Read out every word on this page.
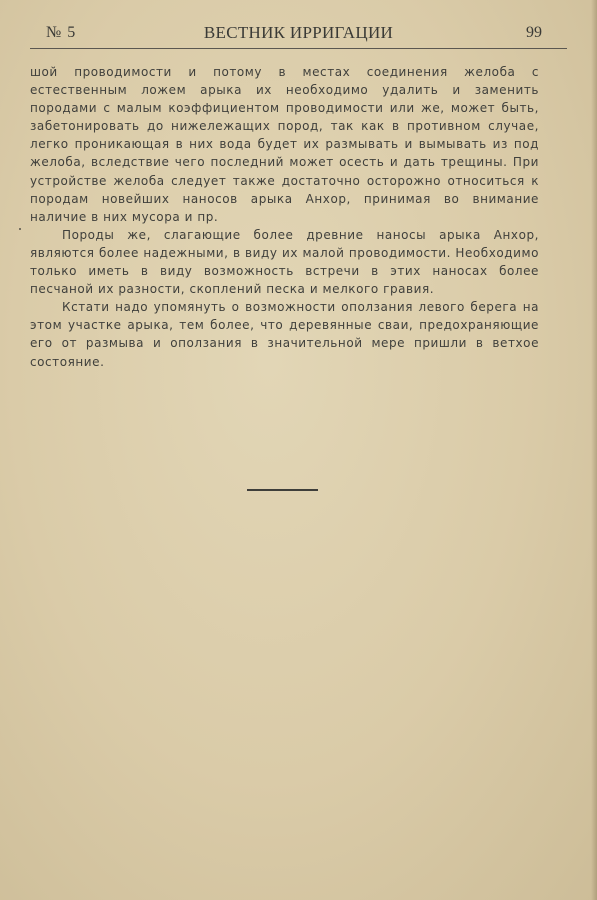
№ 5	ВЕСТНИК ИРРИГАЦИИ	99

шой проводимости и потому в местах соединения желоба с естественным ложем арыка их необходимо удалить и заменить породами с малым коэффициентом проводимости или же, может быть, забетонировать до нижележащих пород, так как в противном случае, легко проникающая в них вода будет их размывать и вымывать из под желоба, вследствие чего последний может осесть и дать трещины. При устройстве желоба следует также достаточно осторожно относиться к породам новейших наносов арыка Анхор, принимая во внимание наличие в них мусора и пр.

Породы же, слагающие более древние наносы арыка Анхор, являются более надежными, в виду их малой проводимости. Необходимо только иметь в виду возможность встречи в этих наносах более песчаной их разности, скоплений песка и мелкого гравия.

Кстати надо упомянуть о возможности оползания левого берега на этом участке арыка, тем более, что деревянные сваи, предохраняющие его от размыва и оползания в значительной мере пришли в ветхое состояние.
